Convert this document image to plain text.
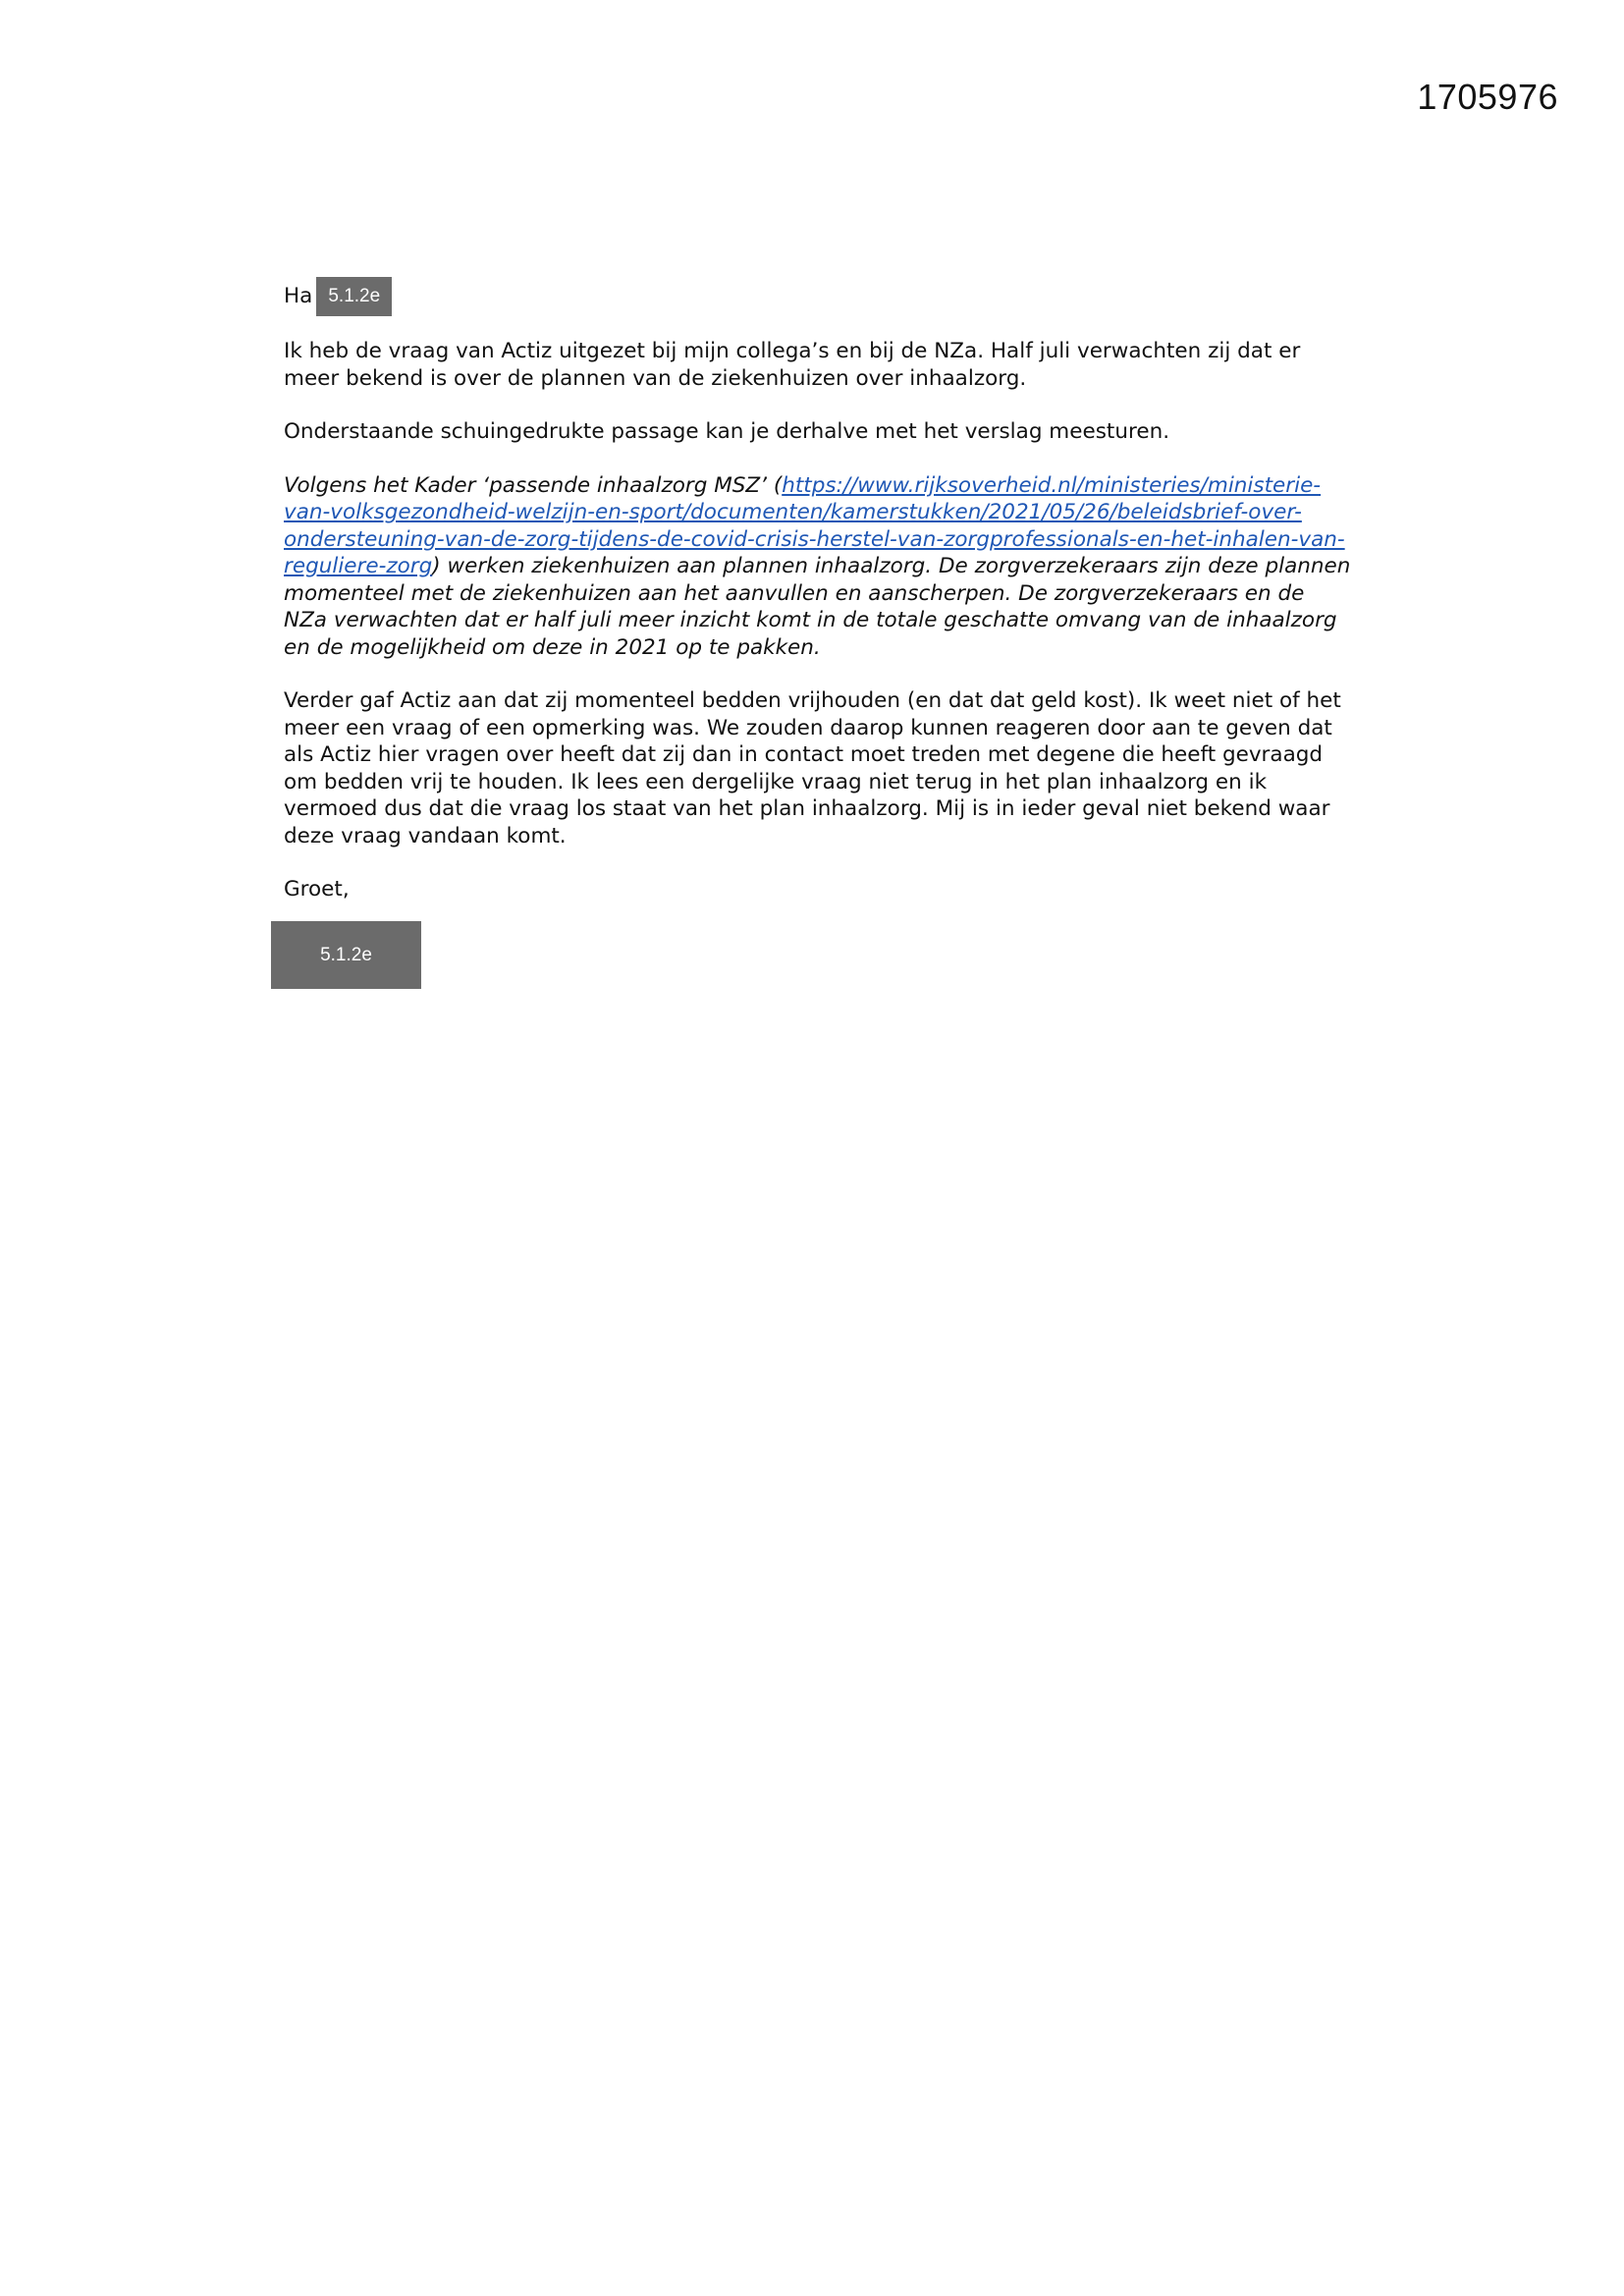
1705976
Ha 5.1.2e

Ik heb de vraag van Actiz uitgezet bij mijn collega’s en bij de NZa. Half juli verwachten zij dat er meer bekend is over de plannen van de ziekenhuizen over inhaalzorg.

Onderstaande schuingedrukte passage kan je derhalve met het verslag meesturen.

Volgens het Kader ‘passende inhaalzorg MSZ’ (https://www.rijksoverheid.nl/ministeries/ministerie-van-volksgezondheid-welzijn-en-sport/documenten/kamerstukken/2021/05/26/beleidsbrief-over-ondersteuning-van-de-zorg-tijdens-de-covid-crisis-herstel-van-zorgprofessionals-en-het-inhalen-van-reguliere-zorg) werken ziekenhuizen aan plannen inhaalzorg. De zorgverzekeraars zijn deze plannen momenteel met de ziekenhuizen aan het aanvullen en aanscherpen. De zorgverzekeraars en de NZa verwachten dat er half juli meer inzicht komt in de totale geschatte omvang van de inhaalzorg en de mogelijkheid om deze in 2021 op te pakken.

Verder gaf Actiz aan dat zij momenteel bedden vrijhouden (en dat dat geld kost). Ik weet niet of het meer een vraag of een opmerking was. We zouden daarop kunnen reageren door aan te geven dat als Actiz hier vragen over heeft dat zij dan in contact moet treden met degene die heeft gevraagd om bedden vrij te houden. Ik lees een dergelijke vraag niet terug in het plan inhaalzorg en ik vermoed dus dat die vraag los staat van het plan inhaalzorg. Mij is in ieder geval niet bekend waar deze vraag vandaan komt.

Groet,

5.1.2e
